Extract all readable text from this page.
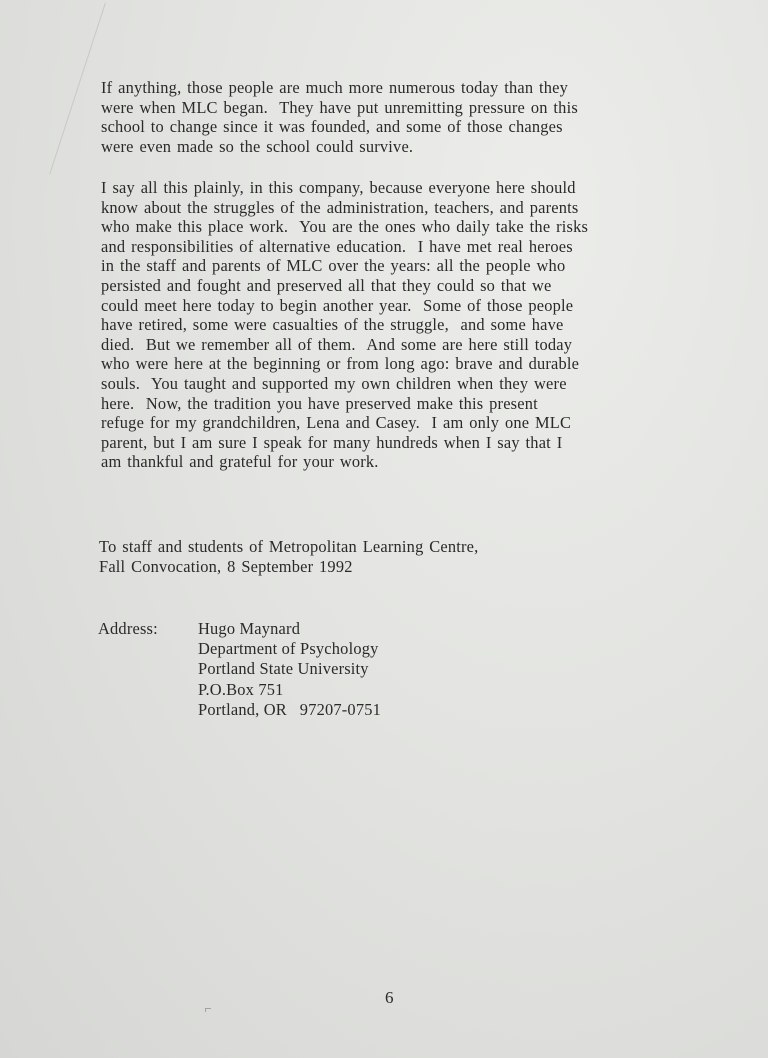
If anything, those people are much more numerous today than they
were when MLC began.  They have put unremitting pressure on this
school to change since it was founded, and some of those changes
were even made so the school could survive.
I say all this plainly, in this company, because everyone here should
know about the struggles of the administration, teachers, and parents
who make this place work.  You are the ones who daily take the risks
and responsibilities of alternative education.  I have met real heroes
in the staff and parents of MLC over the years: all the people who
persisted and fought and preserved all that they could so that we
could meet here today to begin another year.  Some of those people
have retired, some were casualties of the struggle,  and some have
died.  But we remember all of them.  And some are here still today
who were here at the beginning or from long ago: brave and durable
souls.  You taught and supported my own children when they were
here.  Now, the tradition you have preserved make this present
refuge for my grandchildren, Lena and Casey.  I am only one MLC
parent, but I am sure I speak for many hundreds when I say that I
am thankful and grateful for your work.
To staff and students of Metropolitan Learning Centre,
Fall Convocation, 8 September 1992
Address: Hugo Maynard
Department of Psychology
Portland State University
P.O.Box 751
Portland, OR   97207-0751
6
